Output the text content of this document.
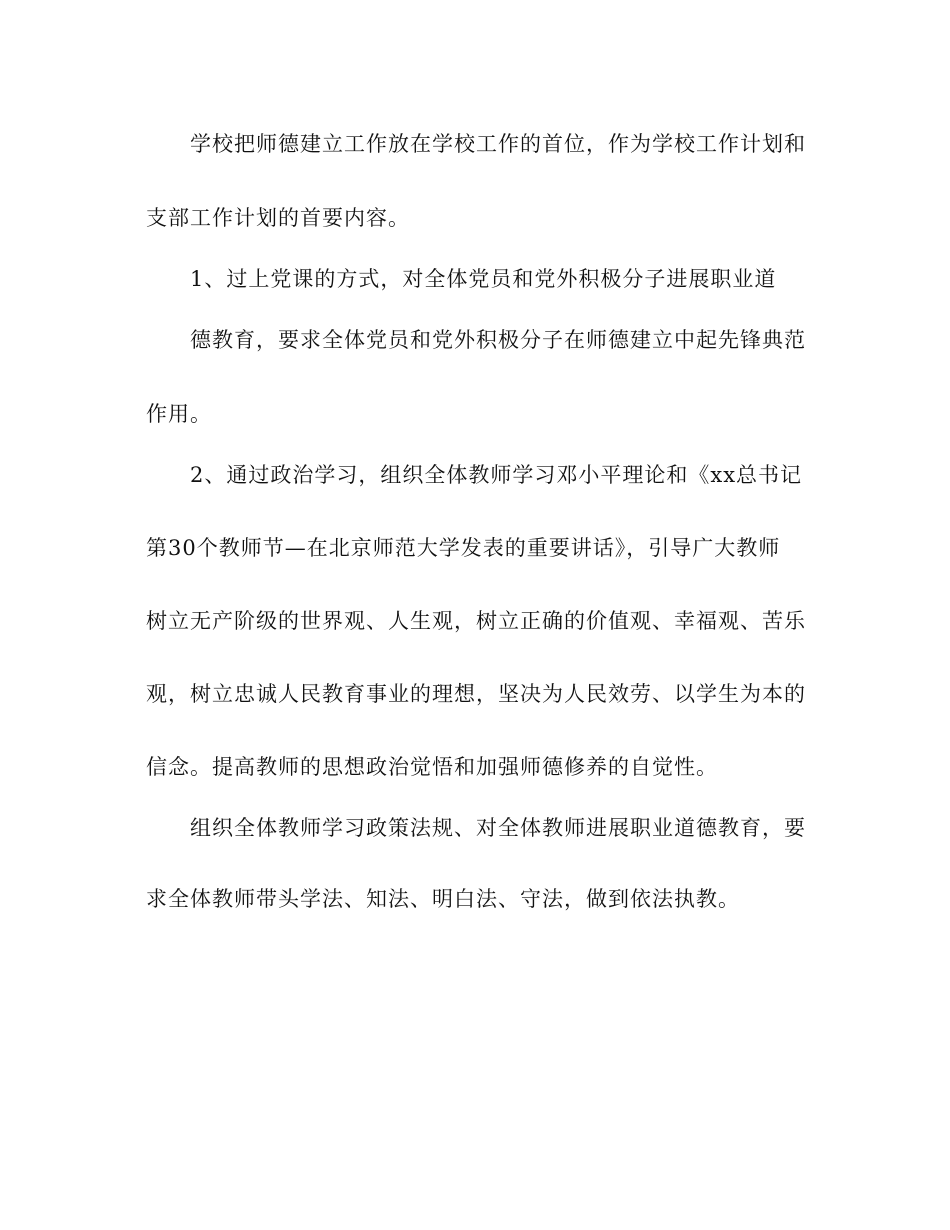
学校把师德建立工作放在学校工作的首位，作为学校工作计划和
支部工作计划的首要内容。
1、过上党课的方式，对全体党员和党外积极分子进展职业道
德教育，要求全体党员和党外积极分子在师德建立中起先锋典范
作用。
2、通过政治学习，组织全体教师学习邓小平理论和《xx总书记
第30个教师节—在北京师范大学发表的重要讲话》，引导广大教师
树立无产阶级的世界观、人生观，树立正确的价值观、幸福观、苦乐
观，树立忠诚人民教育事业的理想，坚决为人民效劳、以学生为本的
信念。提高教师的思想政治觉悟和加强师德修养的自觉性。
组织全体教师学习政策法规、对全体教师进展职业道德教育，要
求全体教师带头学法、知法、明白法、守法，做到依法执教。
